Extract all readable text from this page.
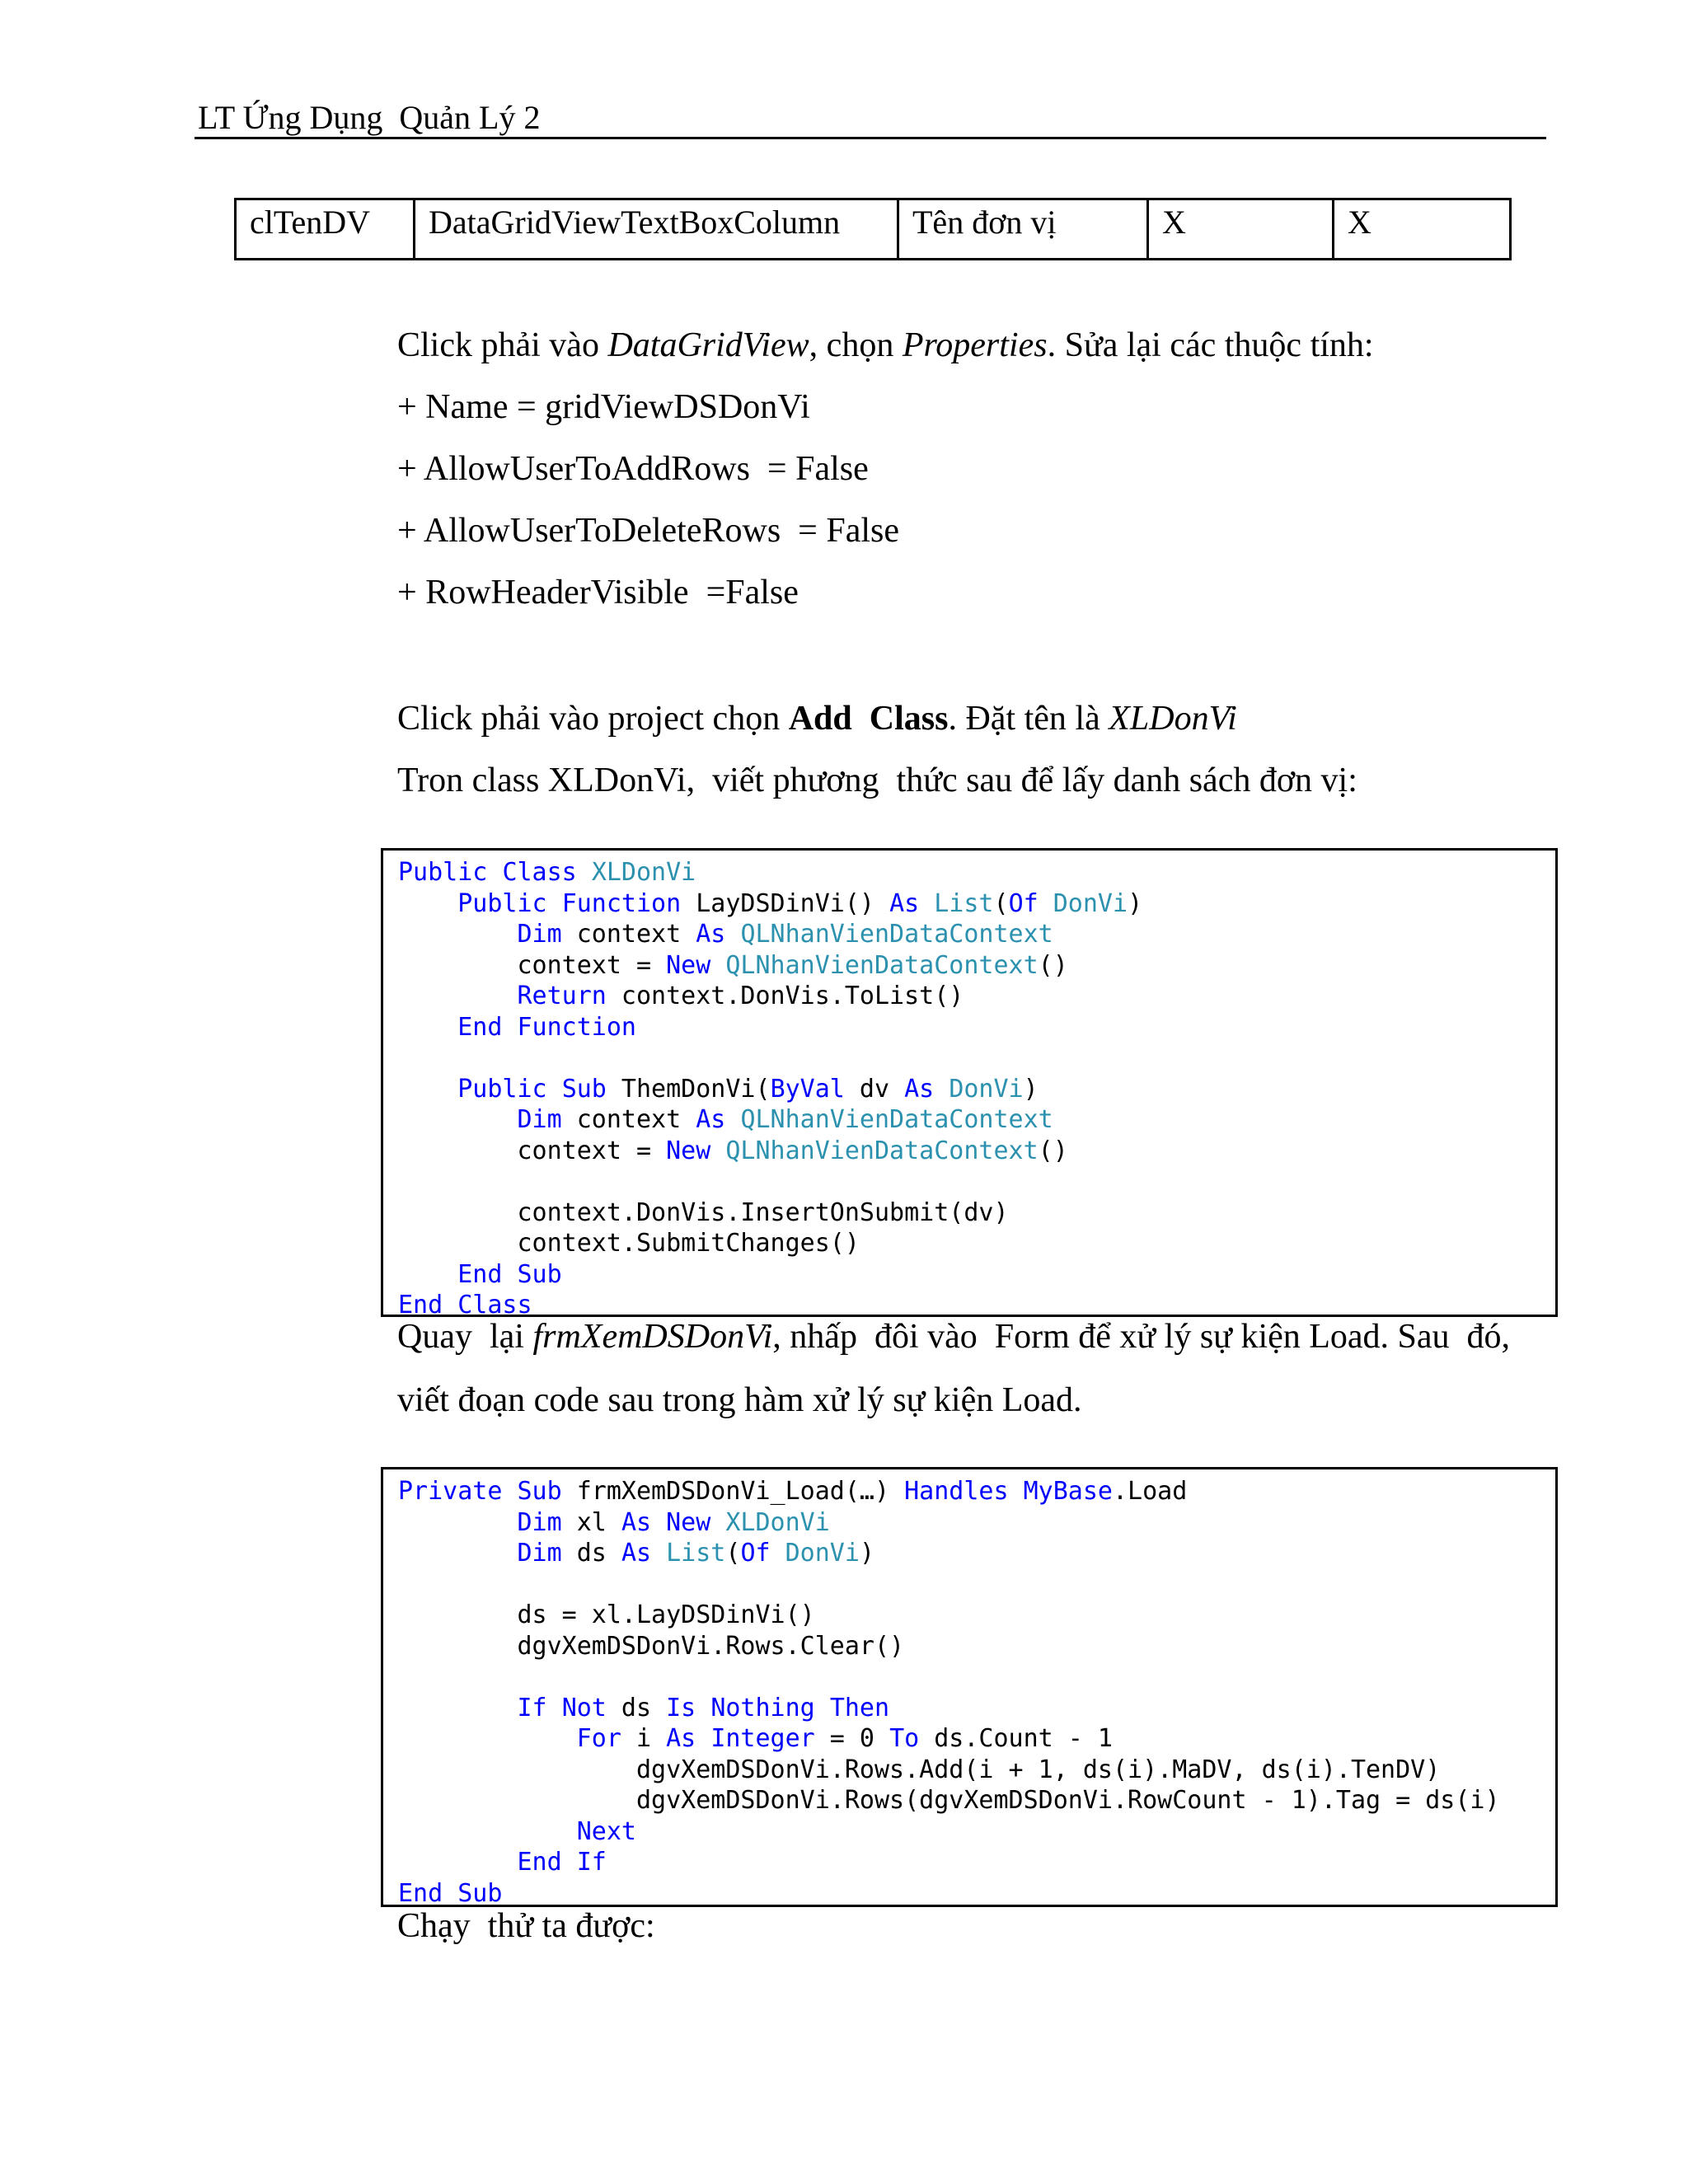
LT Ứng Dụng  Quản Lý 2
clTenDV	DataGridViewTextBoxColumn	Tên đơn vị	X	X
Click phải vào DataGridView, chọn Properties. Sửa lại các thuộc tính:
+ Name = gridViewDSDonVi
+ AllowUserToAddRows  = False
+ AllowUserToDeleteRows  = False
+ RowHeaderVisible  =False
Click phải vào project chọn Add  Class. Đặt tên là XLDonVi
Tron class XLDonVi,  viết phương  thức sau để lấy danh sách đơn vị:
Public Class XLDonVi
Public Function LayDSDinVi() As List(Of DonVi)
Dim context As QLNhanVienDataContext
context = New QLNhanVienDataContext()
Return context.DonVis.ToList()
End Function

Public Sub ThemDonVi(ByVal dv As DonVi)
Dim context As QLNhanVienDataContext
context = New QLNhanVienDataContext()

context.DonVis.InsertOnSubmit(dv)
context.SubmitChanges()
End Sub
End Class
Quay  lại frmXemDSDonVi, nhấp  đôi vào  Form để xử lý sự kiện Load. Sau  đó,
viết đoạn code sau trong hàm xử lý sự kiện Load.
Private Sub frmXemDSDonVi_Load(…) Handles MyBase.Load
Dim xl As New XLDonVi
Dim ds As List(Of DonVi)

ds = xl.LayDSDinVi()
dgvXemDSDonVi.Rows.Clear()

If Not ds Is Nothing Then
For i As Integer = 0 To ds.Count - 1
dgvXemDSDonVi.Rows.Add(i + 1, ds(i).MaDV, ds(i).TenDV)
dgvXemDSDonVi.Rows(dgvXemDSDonVi.RowCount - 1).Tag = ds(i)
Next
End If
End Sub
Chạy  thử ta được:
